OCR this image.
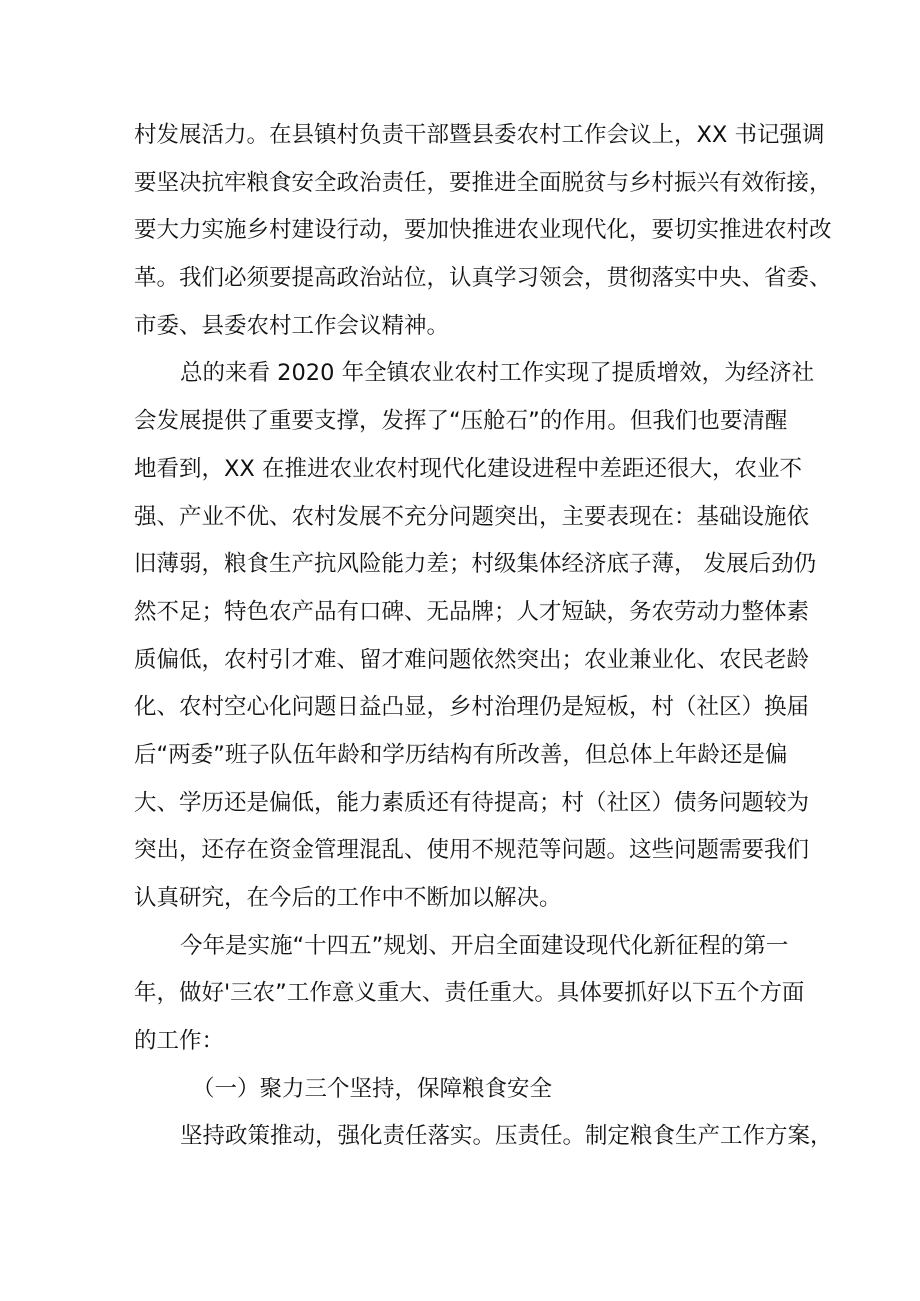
村发展活力。在县镇村负责干部暨县委农村工作会议上，XX 书记强调
要坚决抗牢粮食安全政治责任，要推进全面脱贫与乡村振兴有效衔接，
要大力实施乡村建设行动，要加快推进农业现代化，要切实推进农村改
革。我们必须要提高政治站位，认真学习领会，贯彻落实中央、省委、
市委、县委农村工作会议精神。
总的来看 2020 年全镇农业农村工作实现了提质增效，为经济社
会发展提供了重要支撑，发挥了“压舱石”的作用。但我们也要清醒
地看到，XX 在推进农业农村现代化建设进程中差距还很大，农业不
强、产业不优、农村发展不充分问题突出，主要表现在：基础设施依
旧薄弱，粮食生产抗风险能力差；村级集体经济底子薄， 发展后劲仍
然不足；特色农产品有口碑、无品牌；人才短缺，务农劳动力整体素
质偏低，农村引才难、留才难问题依然突出；农业兼业化、农民老龄
化、农村空心化问题日益凸显，乡村治理仍是短板，村（社区）换届
后“两委”班子队伍年龄和学历结构有所改善，但总体上年龄还是偏
大、学历还是偏低，能力素质还有待提高；村（社区）债务问题较为
突出，还存在资金管理混乱、使用不规范等问题。这些问题需要我们
认真研究，在今后的工作中不断加以解决。
今年是实施“十四五”规划、开启全面建设现代化新征程的第一
年，做好'三农”工作意义重大、责任重大。具体要抓好以下五个方面
的工作：
（一）聚力三个坚持，保障粮食安全
坚持政策推动，强化责任落实。压责任。制定粮食生产工作方案，
